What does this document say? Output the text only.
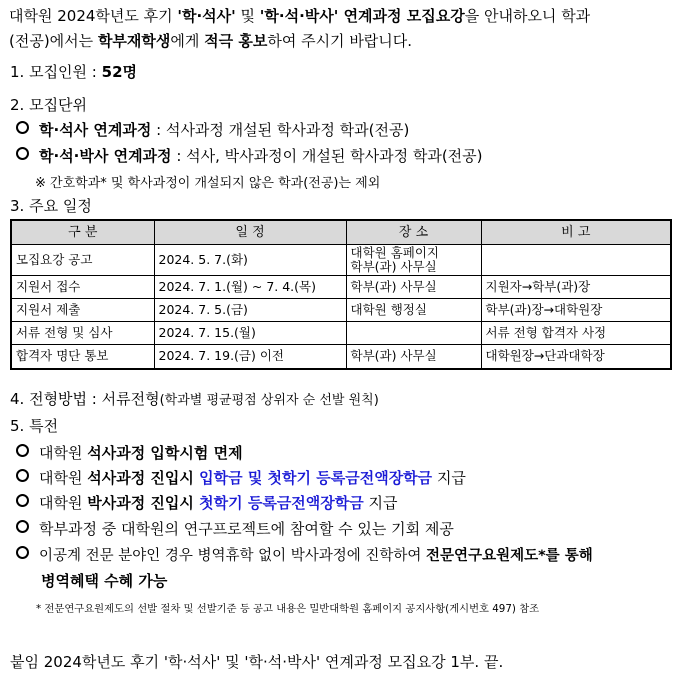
대학원 2024학년도 후기 '학·석사' 및 '학·석·박사' 연계과정 모집요강을 안내하오니 학과
(전공)에서는 학부재학생에게 적극 홍보하여 주시기 바랍니다.
1. 모집인원 : 52명
2. 모집단위
학·석사 연계과정 : 석사과정 개설된 학사과정 학과(전공)
학·석·박사 연계과정 : 석사, 박사과정이 개설된 학사과정 학과(전공)
※ 간호학과* 및 학사과정이 개설되지 않은 학과(전공)는 제외
3. 주요 일정
구 분	일 정	장 소	비 고
모집요강 공고	2024. 5. 7.(화)	대학원 홈페이지
학부(과) 사무실	
지원서 접수	2024. 7. 1.(월) ~ 7. 4.(목)	학부(과) 사무실	지원자→학부(과)장
지원서 제출	2024. 7. 5.(금)	대학원 행정실	학부(과)장→대학원장
서류 전형 및 심사	2024. 7. 15.(월)		서류 전형 합격자 사정
합격자 명단 통보	2024. 7. 19.(금) 이전	학부(과) 사무실	대학원장→단과대학장
4. 전형방법 : 서류전형(학과별 평균평점 상위자 순 선발 원칙)
5. 특전
대학원 석사과정 입학시험 면제
대학원 석사과정 진입시 입학금 및 첫학기 등록금전액장학금 지급
대학원 박사과정 진입시 첫학기 등록금전액장학금 지급
학부과정 중 대학원의 연구프로젝트에 참여할 수 있는 기회 제공
이공계 전문 분야인 경우 병역휴학 없이 박사과정에 진학하여 전문연구요원제도*를 통해
병역혜택 수혜 가능
* 전문연구요원제도의 선발 절차 및 선발기준 등 공고 내용은 밀반대학원 홈페이지 공지사항(게시번호 497) 참조
붙임 2024학년도 후기 '학·석사' 및 '학·석·박사' 연계과정 모집요강 1부. 끝.
